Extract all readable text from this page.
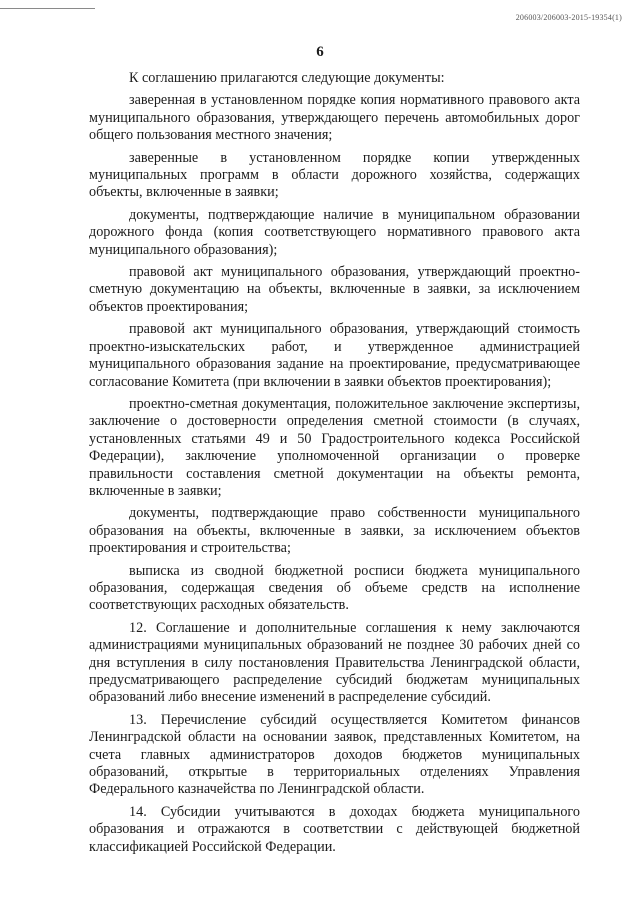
206003/206003-2015-19354(1)
6

К соглашению прилагаются следующие документы:

заверенная в установленном порядке копия нормативного правового акта муниципального образования, утверждающего перечень автомобильных дорог общего пользования местного значения;

заверенные в установленном порядке копии утвержденных муниципальных программ в области дорожного хозяйства, содержащих объекты, включенные в заявки;

документы, подтверждающие наличие в муниципальном образовании дорожного фонда (копия соответствующего нормативного правового акта муниципального образования);

правовой акт муниципального образования, утверждающий проектно-сметную документацию на объекты, включенные в заявки, за исключением объектов проектирования;

правовой акт муниципального образования, утверждающий стоимость проектно-изыскательских работ, и утвержденное администрацией муниципального образования задание на проектирование, предусматривающее согласование Комитета (при включении в заявки объектов проектирования);

проектно-сметная документация, положительное заключение экспертизы, заключение о достоверности определения сметной стоимости (в случаях, установленных статьями 49 и 50 Градостроительного кодекса Российской Федерации), заключение уполномоченной организации о проверке правильности составления сметной документации на объекты ремонта, включенные в заявки;

документы, подтверждающие право собственности муниципального образования на объекты, включенные в заявки, за исключением объектов проектирования и строительства;

выписка из сводной бюджетной росписи бюджета муниципального образования, содержащая сведения об объеме средств на исполнение соответствующих расходных обязательств.

12. Соглашение и дополнительные соглашения к нему заключаются администрациями муниципальных образований не позднее 30 рабочих дней со дня вступления в силу постановления Правительства Ленинградской области, предусматривающего распределение субсидий бюджетам муниципальных образований либо внесение изменений в распределение субсидий.

13. Перечисление субсидий осуществляется Комитетом финансов Ленинградской области на основании заявок, представленных Комитетом, на счета главных администраторов доходов бюджетов муниципальных образований, открытые в территориальных отделениях Управления Федерального казначейства по Ленинградской области.

14. Субсидии учитываются в доходах бюджета муниципального образования и отражаются в соответствии с действующей бюджетной классификацией Российской Федерации.
